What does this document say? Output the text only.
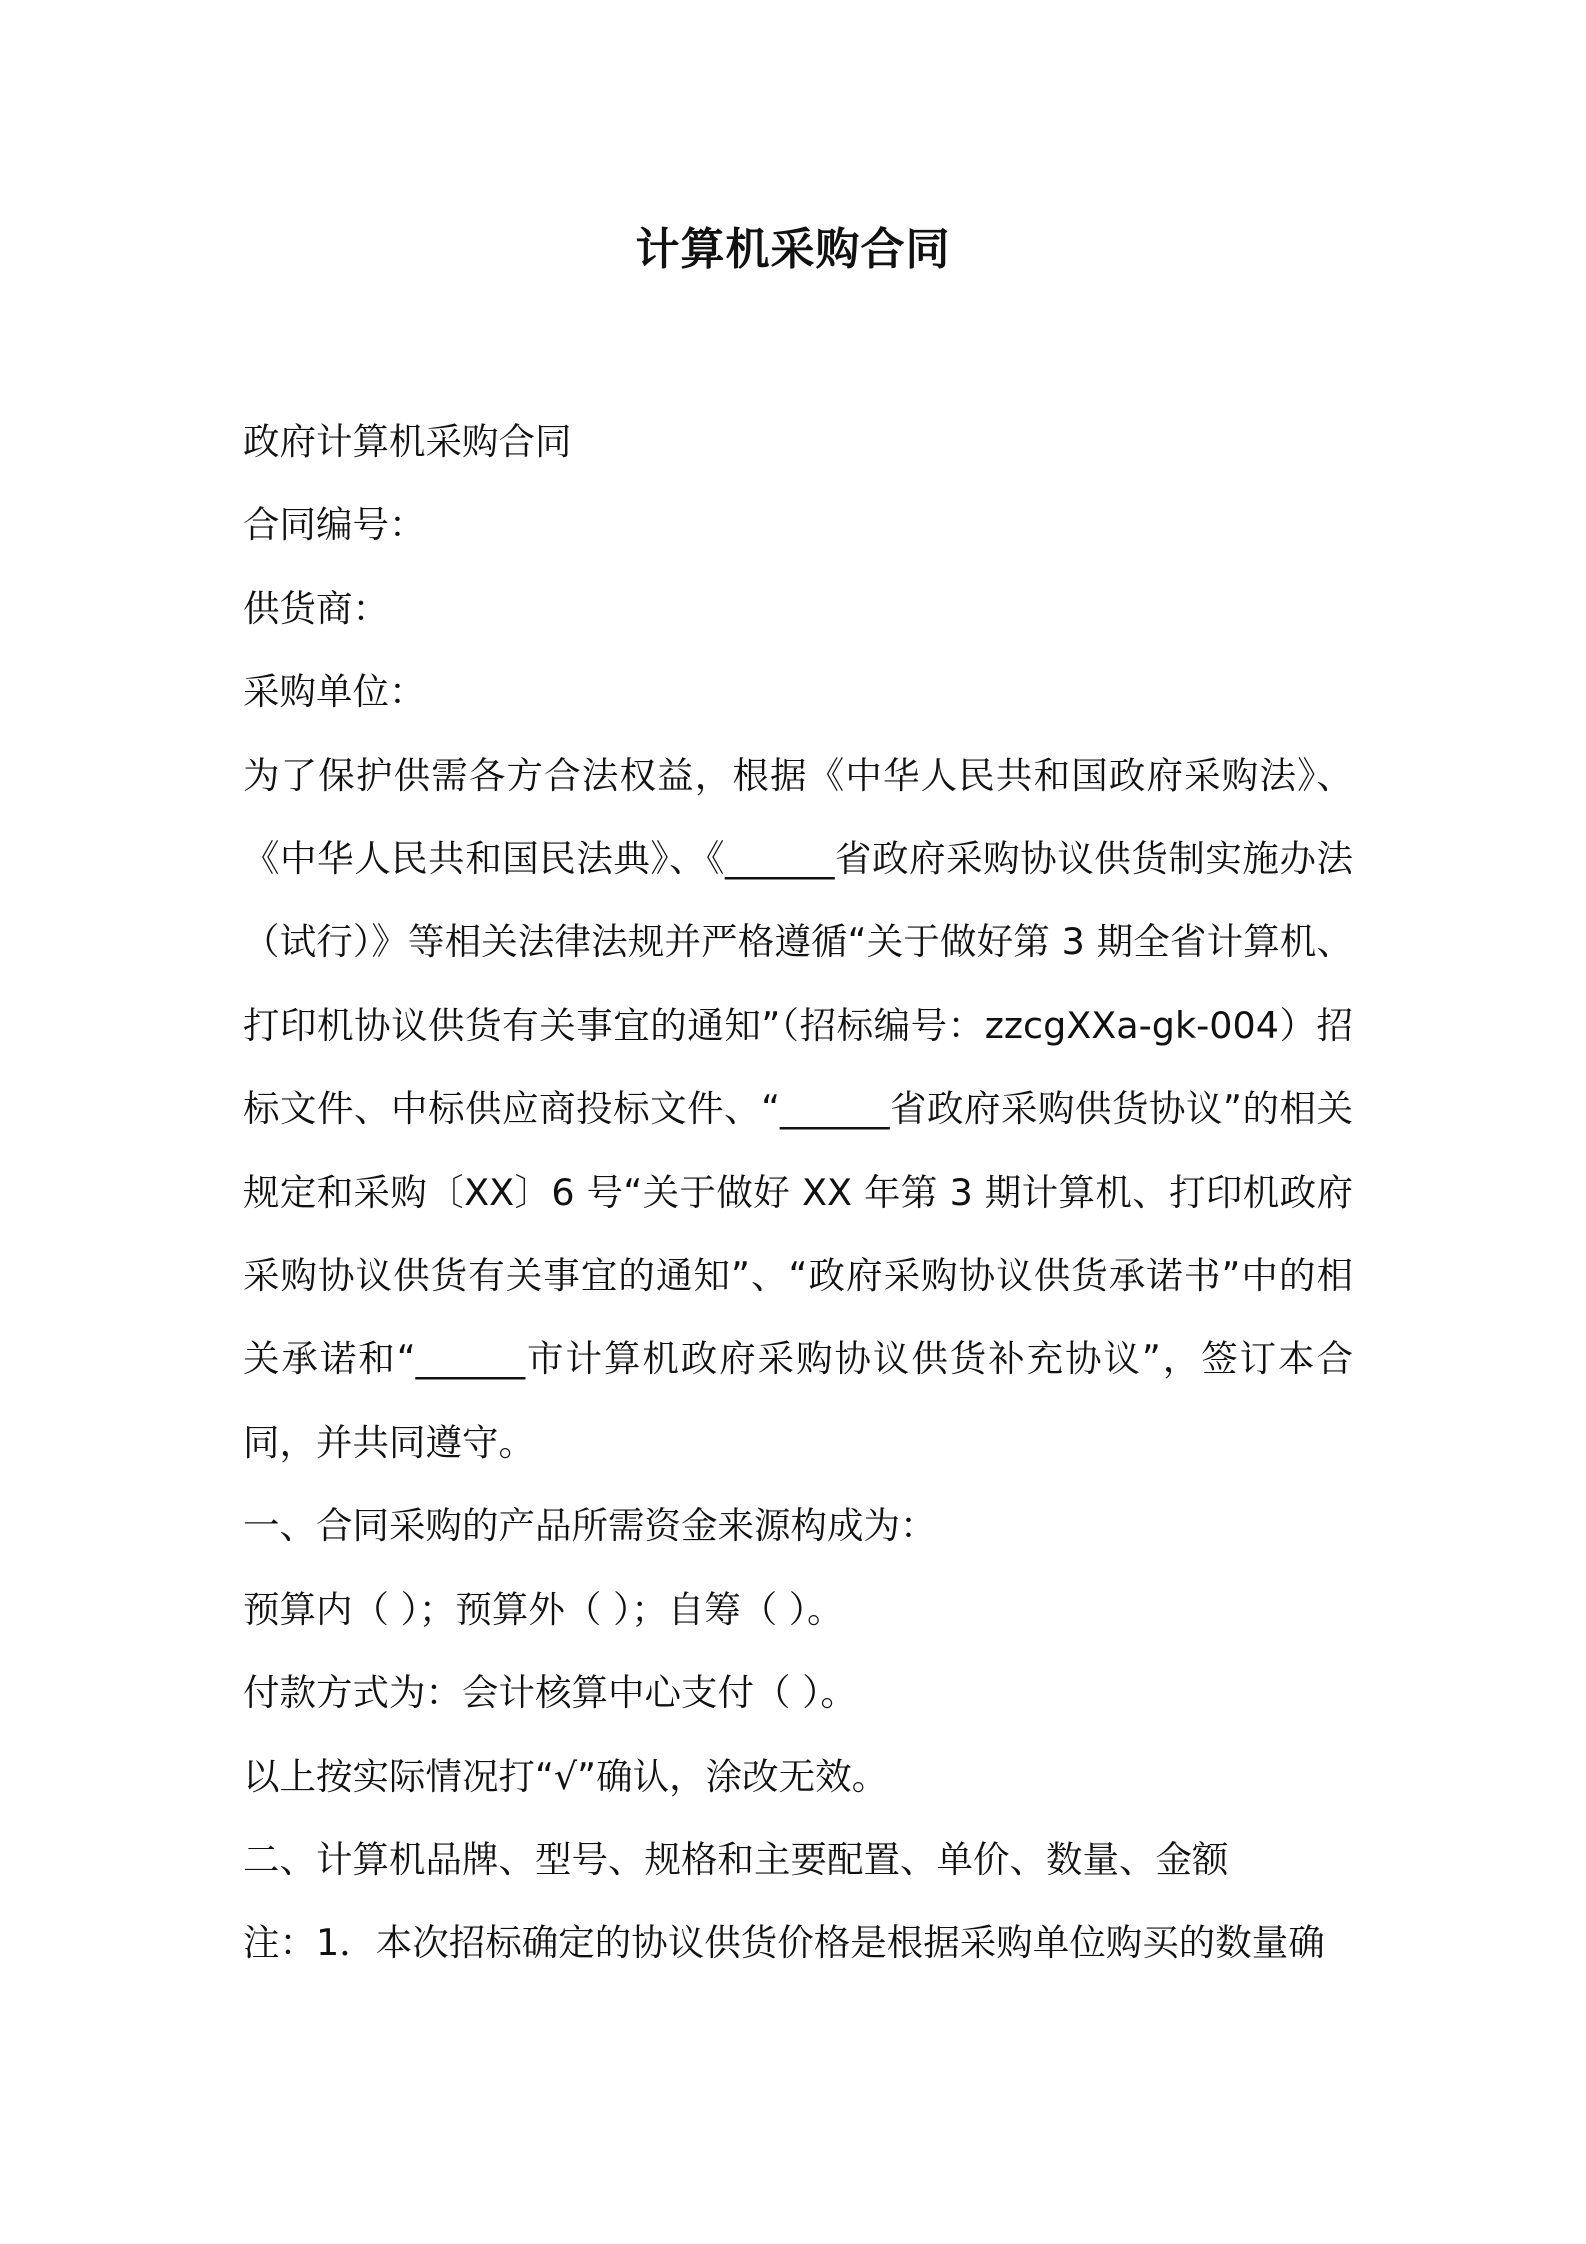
计算机采购合同

政府计算机采购合同

合同编号：

供货商：

采购单位：

为了保护供需各方合法权益，根据《中华人民共和国政府采购法》、《中华人民共和国民法典》、《______省政府采购协议供货制实施办法（试行）》等相关法律法规并严格遵循“关于做好第 3 期全省计算机、打印机协议供货有关事宜的通知”（招标编号：zzcgXXa-gk-004）招标文件、中标供应商投标文件、“______省政府采购供货协议”的相关规定和采购〔XX〕6 号“关于做好 XX 年第 3 期计算机、打印机政府采购协议供货有关事宜的通知”、“政府采购协议供货承诺书”中的相关承诺和“______市计算机政府采购协议供货补充协议”，签订本合同，并共同遵守。

一、合同采购的产品所需资金来源构成为：

预算内（ ）；预算外（ ）；自筹（ ）。

付款方式为：会计核算中心支付（ ）。

以上按实际情况打“√”确认，涂改无效。

二、计算机品牌、型号、规格和主要配置、单价、数量、金额

注：1．本次招标确定的协议供货价格是根据采购单位购买的数量确
